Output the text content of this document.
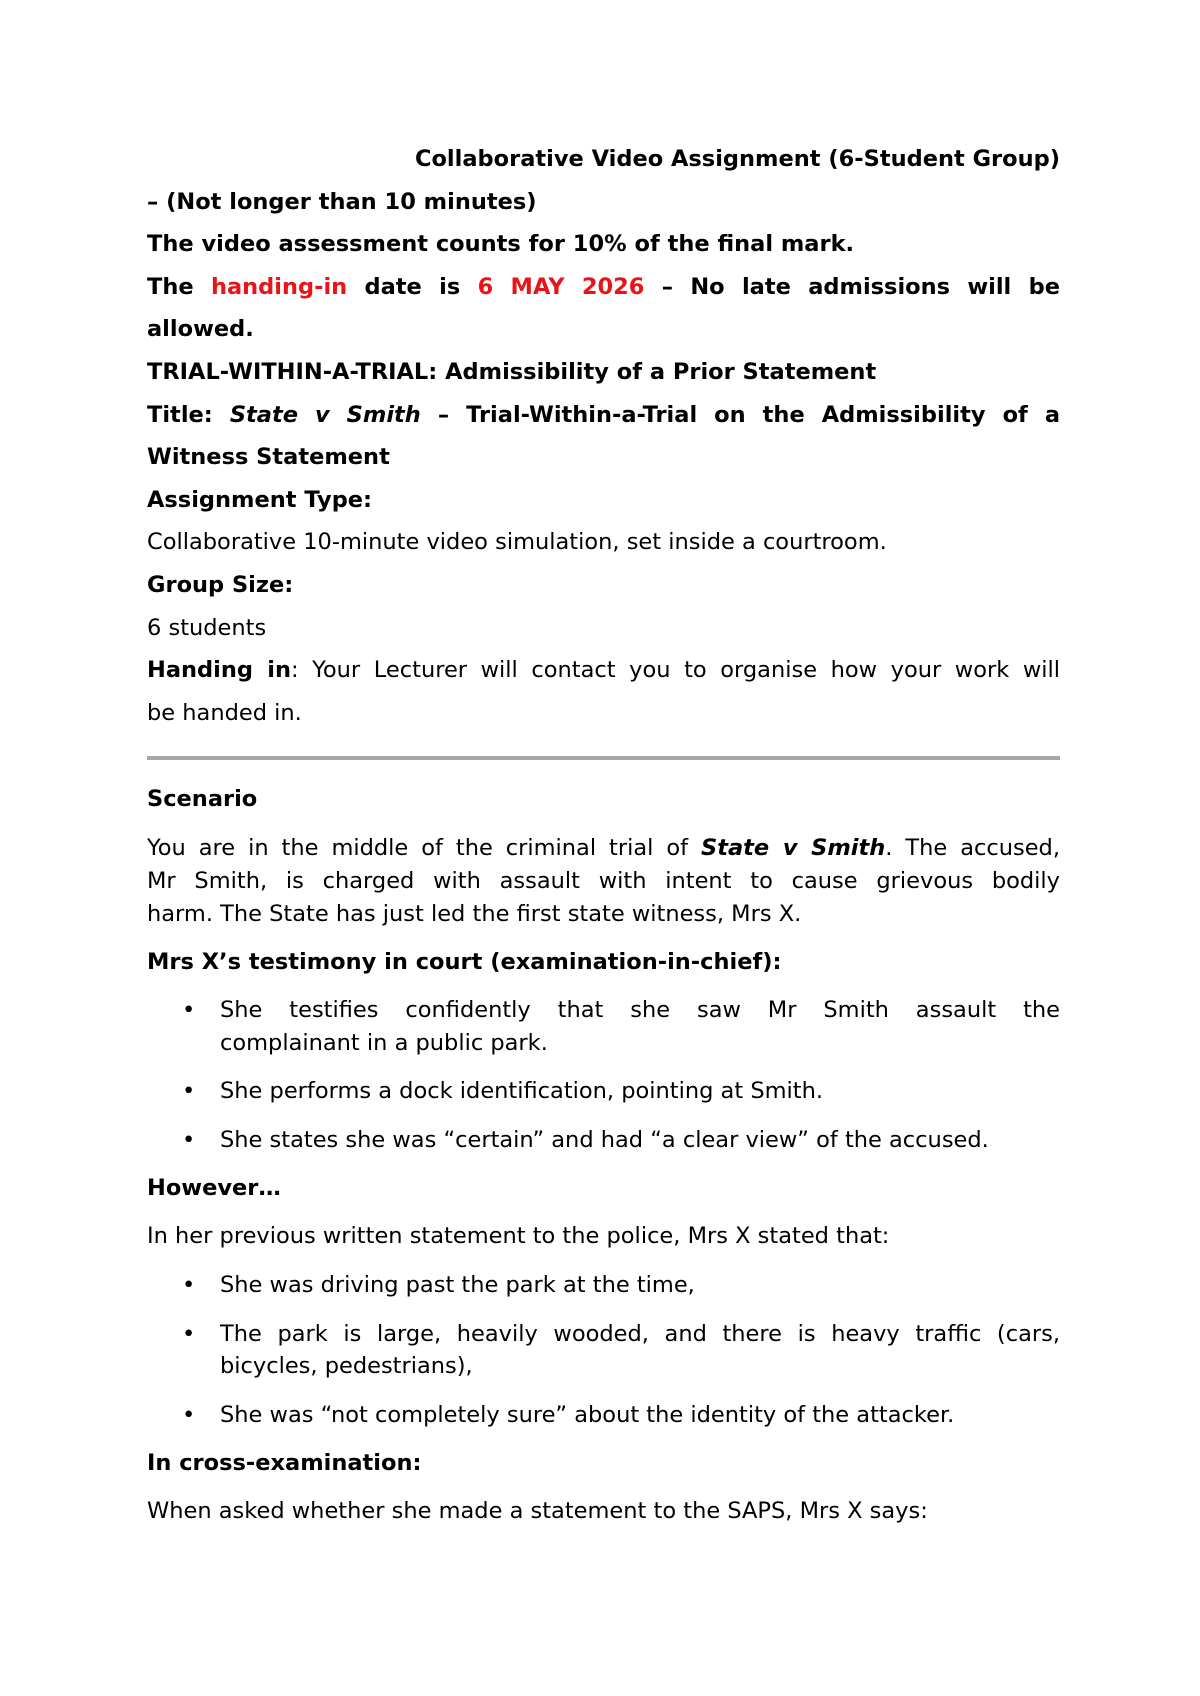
Collaborative Video Assignment (6-Student Group)
– (Not longer than 10 minutes)
The video assessment counts for 10% of the final mark.
The handing-in date is 6 MAY 2026 – No late admissions will be
allowed.
TRIAL-WITHIN-A-TRIAL: Admissibility of a Prior Statement
Title: State v Smith – Trial-Within-a-Trial on the Admissibility of a
Witness Statement
Assignment Type:
Collaborative 10-minute video simulation, set inside a courtroom.
Group Size:
6 students
Handing in: Your Lecturer will contact you to organise how your work will
be handed in.
Scenario
You are in the middle of the criminal trial of State v Smith. The accused,
Mr Smith, is charged with assault with intent to cause grievous bodily
harm. The State has just led the first state witness, Mrs X.
Mrs X’s testimony in court (examination-in-chief):
• She testifies confidently that she saw Mr Smith assault the
complainant in a public park.
• She performs a dock identification, pointing at Smith.
• She states she was “certain” and had “a clear view” of the accused.
However…
In her previous written statement to the police, Mrs X stated that:
• She was driving past the park at the time,
• The park is large, heavily wooded, and there is heavy traffic (cars,
bicycles, pedestrians),
• She was “not completely sure” about the identity of the attacker.
In cross-examination:
When asked whether she made a statement to the SAPS, Mrs X says:
